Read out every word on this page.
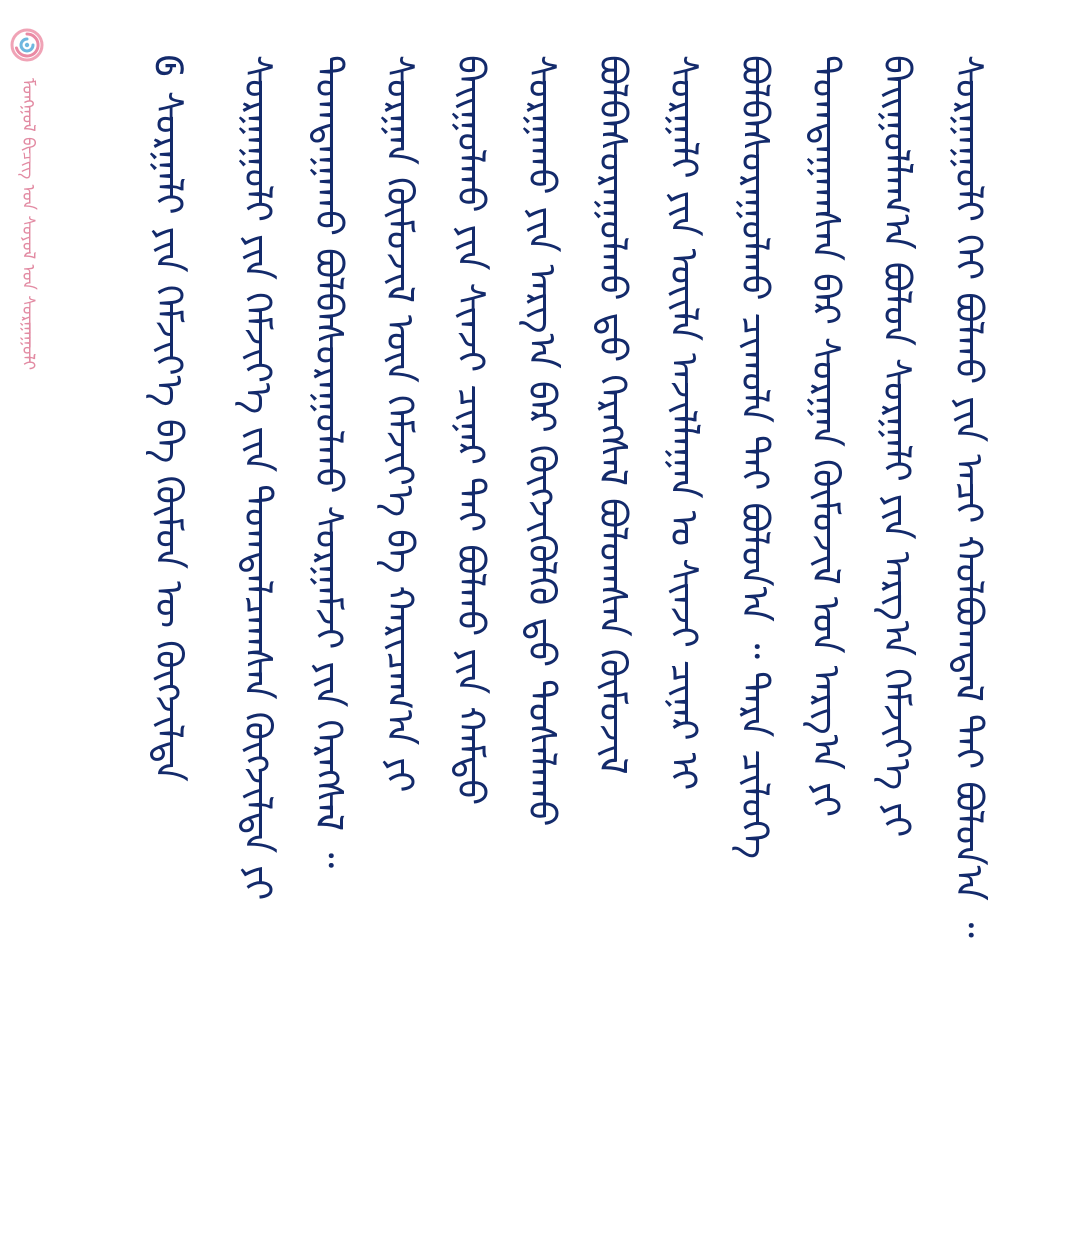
ᠮᠣᠩᠭᠣᠯ ᠪᠢᠴᠢᠭ ᠤᠨ ᠰᠣᠶᠣᠯ ᠤᠨ ᠰᠤᠷᠭᠠᠭᠤᠯᠢ	ᠰᠤᠷᠭᠠᠭᠤᠯᠢ ᠬᠡᠢ ᠪᠣᠯᠬᠤ ᠶᠢᠨ ᠠᠴᠢ ᠬᠣᠯᠪᠣᠭᠳᠠᠯ ᠲᠠᠢ ᠪᠣᠯᠣᠨ᠎ᠠ ᠃
ᠪᠠᠢᠭᠤᠯᠯᠠᠭ᠎ᠠ ᠪᠣᠯᠣᠨ ᠰᠤᠷᠭᠠᠯᠢ ᠶᠢᠨ ᠠᠷᠭ᠎ᠠ ᠬᠡᠮᠵᠢᠶ᠎ᠡ ᠶᠢ
ᠲᠣᠭᠲᠠᠭᠠᠭᠰᠠᠨ ᠪᠠᠷ ᠰᠤᠷᠭᠠᠨ ᠬᠦᠮᠦᠵᠢᠯ ᠤᠨ ᠠᠷᠭ᠎ᠠ ᠶᠢ
ᠪᠣᠯᠪᠠᠰᠤᠷᠠᠭᠤᠯᠬᠤ ᠴᠢᠬᠤᠯᠠ ᠲᠠᠢ ᠪᠣᠯᠣᠨ᠎ᠠ ᠃ ᠲᠡᠷᠡ ᠴᠢᠯᠦᠭᠡ
ᠰᠤᠷᠭᠠᠯᠢ ᠶᠢᠨ ᠦᠢᠯᠡ ᠠᠵᠢᠯᠯᠠᠭᠠᠨ ᠤ ᠰᠢᠨᠵᠢ ᠴᠢᠨᠠᠷ ᠢ
ᠪᠣᠯᠪᠠᠰᠤᠷᠠᠭᠤᠯᠬᠤ ᠳ᠋ᠤ ᠬᠡᠷᠡᠭᠰᠡᠯ ᠪᠣᠯᠣᠭᠰᠠᠨ ᠬᠦᠮᠦᠵᠢᠯ
ᠰᠤᠷᠭᠠᠬᠤ ᠶᠢᠨ ᠠᠷᠭ᠎ᠠ ᠪᠠᠷ ᠬᠥᠭᠵᠢᠭᠦᠯᠬᠦ ᠳ᠋ᠤ ᠲᠤᠰᠠᠯᠠᠬᠤ
ᠪᠠᠢᠭᠤᠯᠬᠤ ᠶᠢᠨ ᠰᠢᠨᠵᠢ ᠴᠢᠨᠠᠷ ᠲᠠᠢ ᠪᠣᠯᠬᠤ ᠶᠢᠨ ᠬᠠᠮᠲᠤ
ᠰᠤᠷᠭᠠᠨ ᠬᠥᠮᠦᠵᠢᠯ ᠦᠨ ᠬᠡᠮᠵᠢᠶ᠎ᠡ ᠪᠠ ᠬᠠᠷᠢᠴᠠᠭ᠎ᠠ ᠶᠢ
ᠲᠣᠭᠲᠠᠭᠠᠬᠤ ᠪᠣᠯᠪᠠᠰᠤᠷᠠᠭᠤᠯᠬᠤ ᠰᠤᠷᠭᠠᠮᠵᠢ ᠶᠢᠨ ᠬᠡᠷᠡᠭᠰᠡᠯ ᠃
ᠰᠤᠷᠭᠠᠭᠤᠯᠢ ᠶᠢᠨ ᠬᠡᠮᠵᠢᠶ᠎ᠡ ᠵᠢᠨ ᠲᠣᠭᠲᠠᠯᠴᠠᠭᠰᠠᠨ ᠬᠥᠭᠵᠢᠯᠲᠡ ᠶᠢ
᠖ ᠰᠤᠷᠭᠠᠯᠢ ᠶᠢᠨ ᠬᠡᠮᠵᠢᠶ᠎ᠡ ᠪᠠ ᠬᠦᠮᠦᠨ ᠦ ᠬᠥᠭᠵᠢᠯᠲᠡ
